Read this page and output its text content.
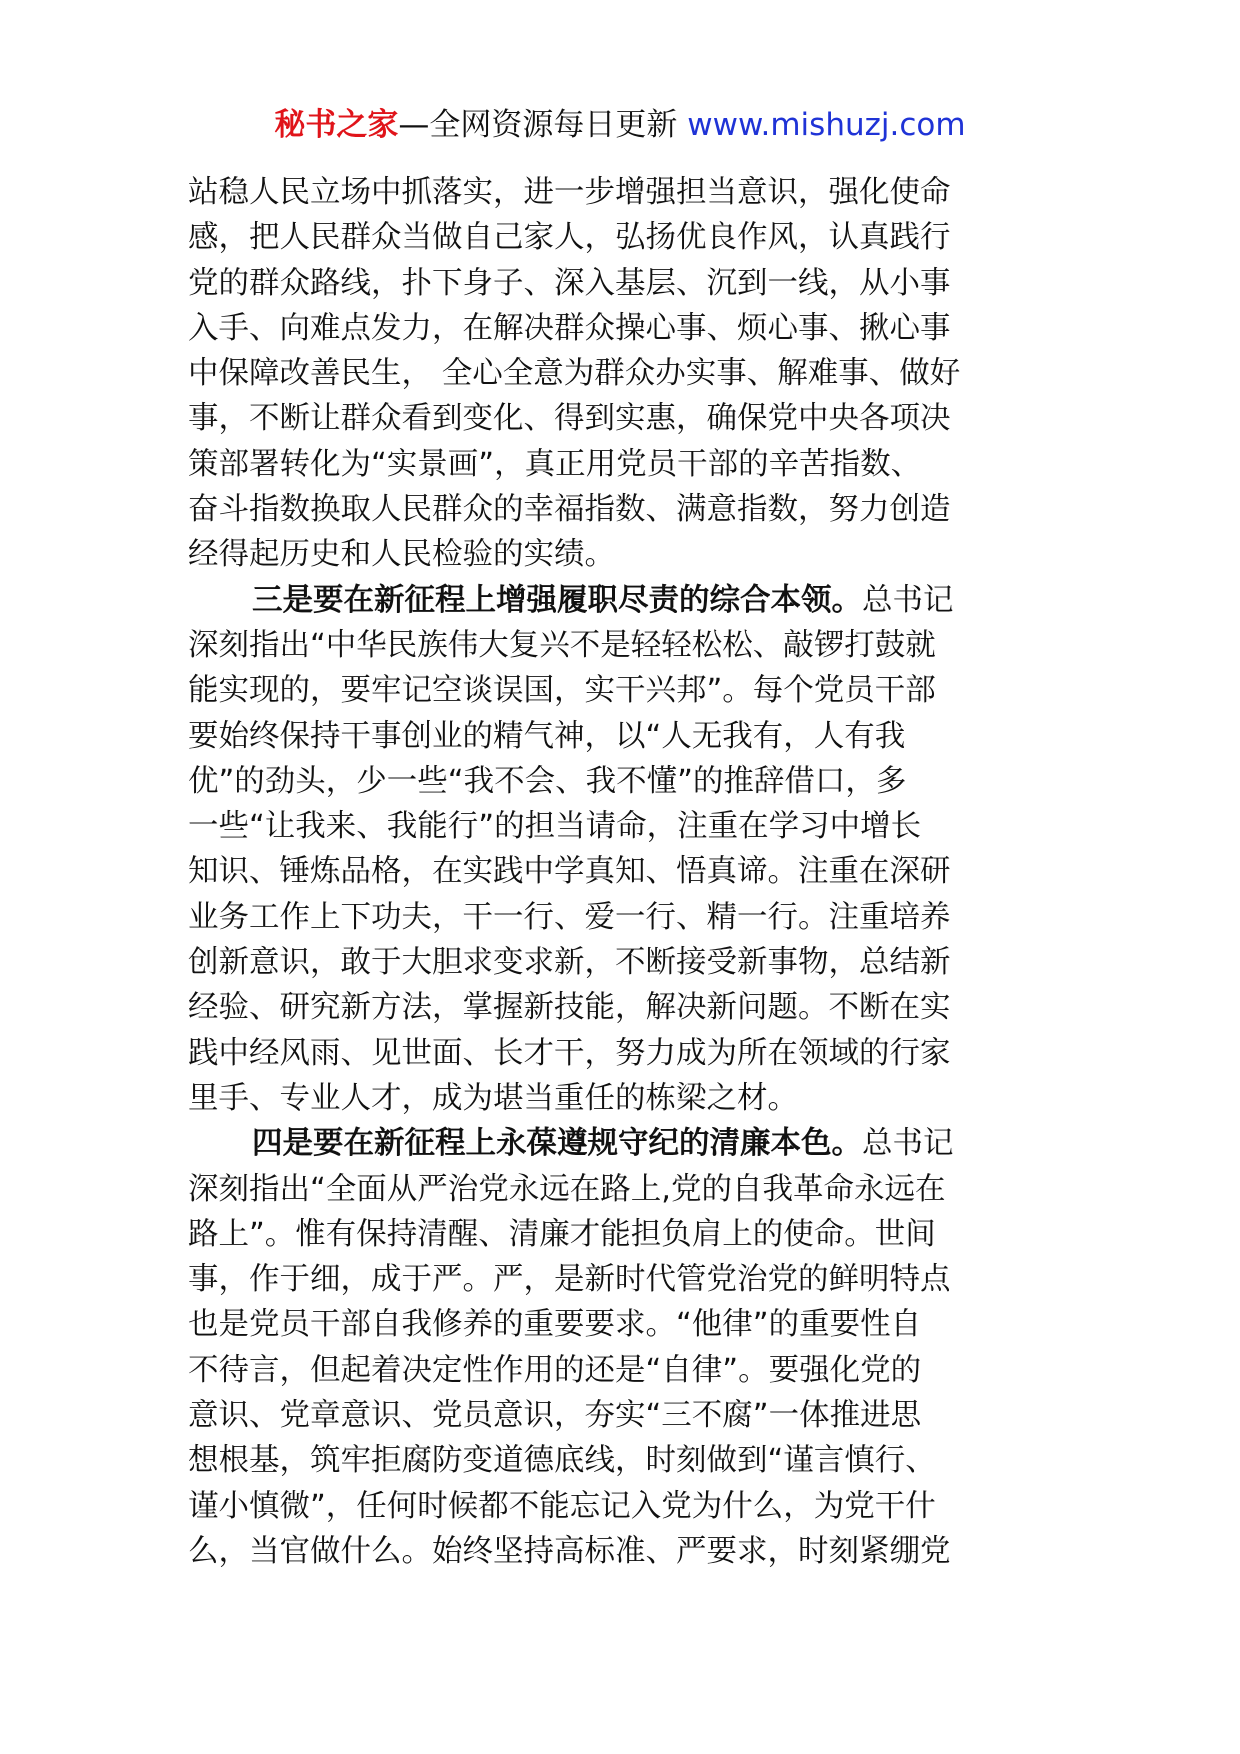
秘书之家—全网资源每日更新 www.mishuzj.com
站稳人民立场中抓落实，进一步增强担当意识，强化使命
感，把人民群众当做自己家人，弘扬优良作风，认真践行
党的群众路线，扑下身子、深入基层、沉到一线，从小事
入手、向难点发力，在解决群众操心事、烦心事、揪心事
中保障改善民生， 全心全意为群众办实事、解难事、做好
事，不断让群众看到变化、得到实惠，确保党中央各项决
策部署转化为“实景画”，真正用党员干部的辛苦指数、
奋斗指数换取人民群众的幸福指数、满意指数，努力创造
经得起历史和人民检验的实绩。
三是要在新征程上增强履职尽责的综合本领。总书记
深刻指出“中华民族伟大复兴不是轻轻松松、敲锣打鼓就
能实现的，要牢记空谈误国，实干兴邦”。每个党员干部
要始终保持干事创业的精气神，以“人无我有，人有我
优”的劲头，少一些“我不会、我不懂”的推辞借口，多
一些“让我来、我能行”的担当请命，注重在学习中增长
知识、锤炼品格，在实践中学真知、悟真谛。注重在深研
业务工作上下功夫，干一行、爱一行、精一行。注重培养
创新意识，敢于大胆求变求新，不断接受新事物，总结新
经验、研究新方法，掌握新技能，解决新问题。不断在实
践中经风雨、见世面、长才干，努力成为所在领域的行家
里手、专业人才，成为堪当重任的栋梁之材。
四是要在新征程上永葆遵规守纪的清廉本色。总书记
深刻指出“全面从严治党永远在路上,党的自我革命永远在
路上”。惟有保持清醒、清廉才能担负肩上的使命。世间
事，作于细，成于严。严，是新时代管党治党的鲜明特点
也是党员干部自我修养的重要要求。“他律”的重要性自
不待言，但起着决定性作用的还是“自律”。要强化党的
意识、党章意识、党员意识，夯实“三不腐”一体推进思
想根基，筑牢拒腐防变道德底线，时刻做到“谨言慎行、
谨小慎微”，任何时候都不能忘记入党为什么，为党干什
么，当官做什么。始终坚持高标准、严要求，时刻紧绷党
